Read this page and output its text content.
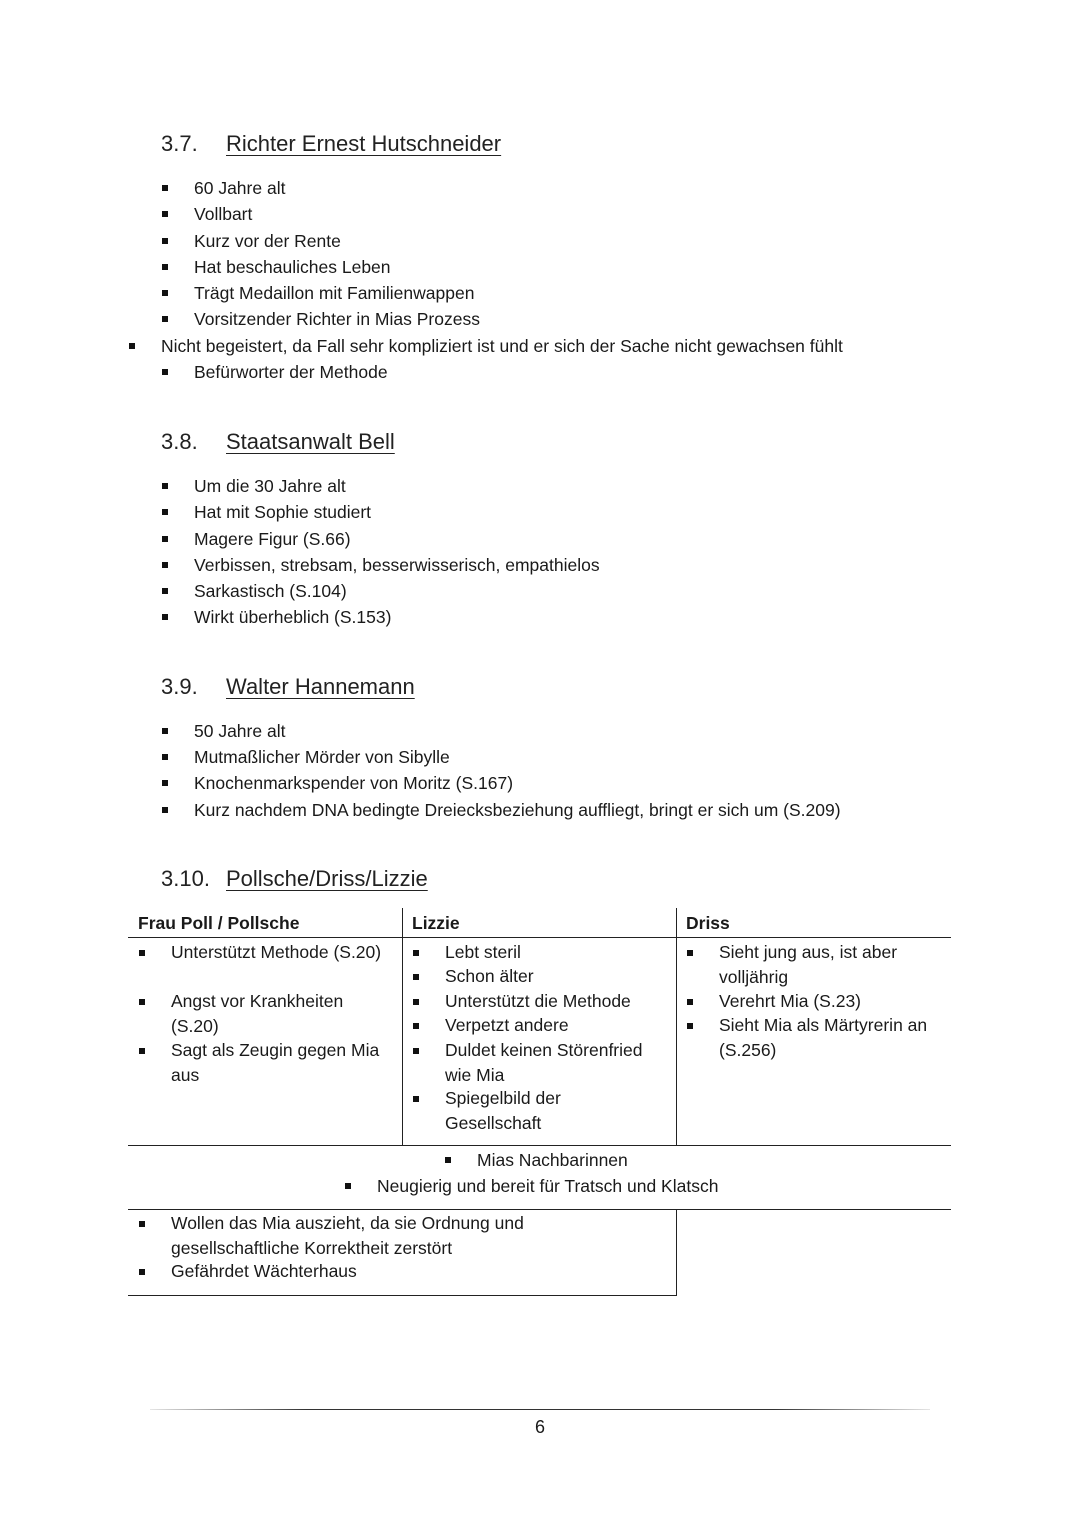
3.7. Richter Ernest Hutschneider
60 Jahre alt
Vollbart
Kurz vor der Rente
Hat beschauliches Leben
Trägt Medaillon mit Familienwappen
Vorsitzender Richter in Mias Prozess
Nicht begeistert, da Fall sehr kompliziert ist und er sich der Sache nicht gewachsen fühlt
Befürworter der Methode
3.8. Staatsanwalt Bell
Um die 30 Jahre alt
Hat mit Sophie studiert
Magere Figur (S.66)
Verbissen, strebsam, besserwisserisch, empathielos
Sarkastisch (S.104)
Wirkt überheblich (S.153)
3.9. Walter Hannemann
50 Jahre alt
Mutmaßlicher Mörder von Sibylle
Knochenmarkspender von Moritz (S.167)
Kurz nachdem DNA bedingte Dreiecksbeziehung auffliegt, bringt er sich um (S.209)
3.10. Pollsche/Driss/Lizzie
Frau Poll / Pollsche	Lizzie	Driss
Unterstützt Methode (S.20)
Angst vor Krankheiten (S.20)
Sagt als Zeugin gegen Mia aus
Lebt steril
Schon älter
Unterstützt die Methode
Verpetzt andere
Duldet keinen Störenfried wie Mia
Spiegelbild der Gesellschaft
Sieht jung aus, ist aber volljährig
Verehrt Mia (S.23)
Sieht Mia als Märtyrerin an (S.256)
Mias Nachbarinnen
Neugierig und bereit für Tratsch und Klatsch
Wollen das Mia auszieht, da sie Ordnung und gesellschaftliche Korrektheit zerstört
Gefährdet Wächterhaus
6
